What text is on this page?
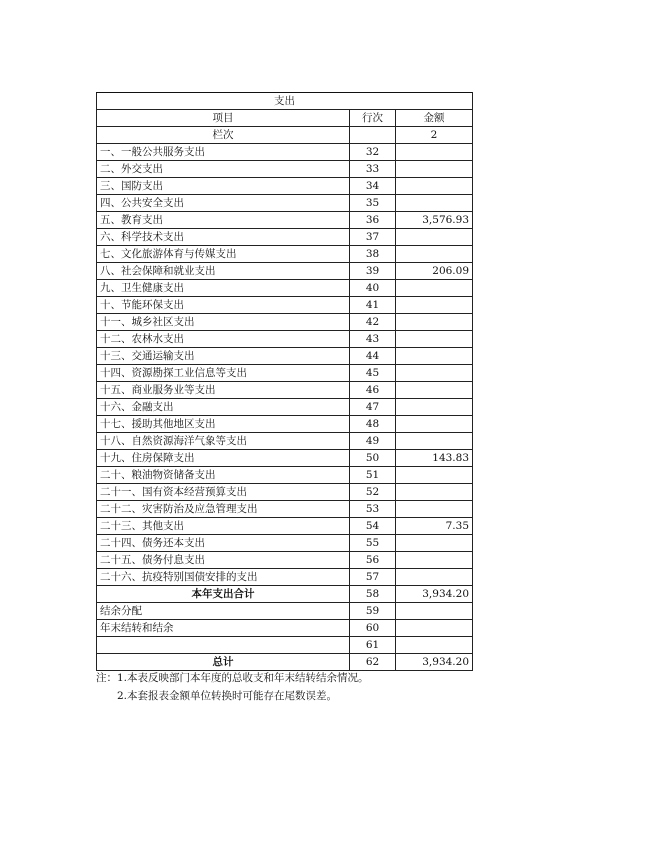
支出		
项目	行次	金额
栏次		2
一、一般公共服务支出	32	
二、外交支出	33	
三、国防支出	34	
四、公共安全支出	35	
五、教育支出	36	3,576.93
六、科学技术支出	37	
七、文化旅游体育与传媒支出	38	
八、社会保障和就业支出	39	206.09
九、卫生健康支出	40	
十、节能环保支出	41	
十一、城乡社区支出	42	
十二、农林水支出	43	
十三、交通运输支出	44	
十四、资源勘探工业信息等支出	45	
十五、商业服务业等支出	46	
十六、金融支出	47	
十七、援助其他地区支出	48	
十八、自然资源海洋气象等支出	49	
十九、住房保障支出	50	143.83
二十、粮油物资储备支出	51	
二十一、国有资本经营预算支出	52	
二十二、灾害防治及应急管理支出	53	
二十三、其他支出	54	7.35
二十四、债务还本支出	55	
二十五、债务付息支出	56	
二十六、抗疫特别国债安排的支出	57	
本年支出合计	58	3,934.20
结余分配	59	
年末结转和结余	60	
	61	
总计	62	3,934.20
注：1.本表反映部门本年度的总收支和年末结转结余情况。
2.本套报表金额单位转换时可能存在尾数误差。
